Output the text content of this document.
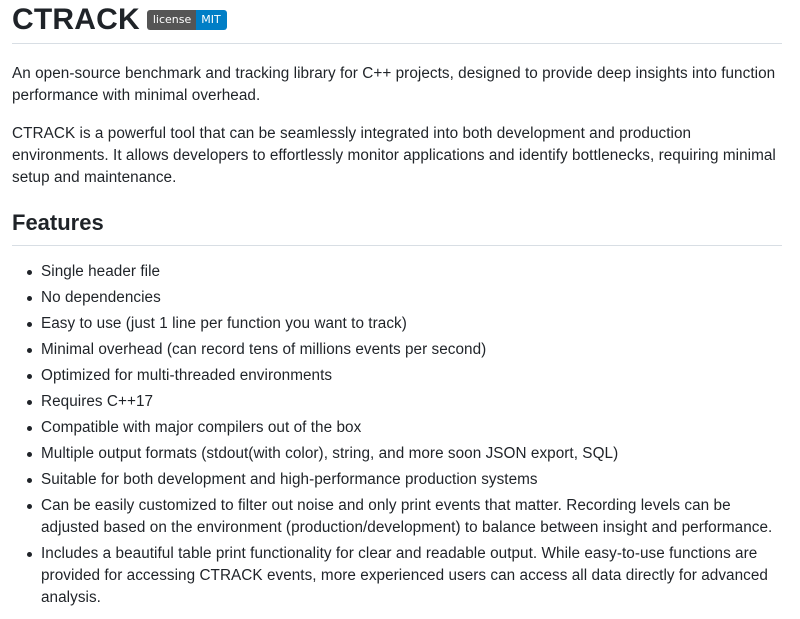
CTRACK	license MIT

An open-source benchmark and tracking library for C++ projects, designed to provide deep insights into function performance with minimal overhead.

CTRACK is a powerful tool that can be seamlessly integrated into both development and production environments. It allows developers to effortlessly monitor applications and identify bottlenecks, requiring minimal setup and maintenance.

Features
Single header file
No dependencies
Easy to use (just 1 line per function you want to track)
Minimal overhead (can record tens of millions events per second)
Optimized for multi-threaded environments
Requires C++17
Compatible with major compilers out of the box
Multiple output formats (stdout(with color), string, and more soon JSON export, SQL)
Suitable for both development and high-performance production systems
Can be easily customized to filter out noise and only print events that matter. Recording levels can be adjusted based on the environment (production/development) to balance between insight and performance.
Includes a beautiful table print functionality for clear and readable output. While easy-to-use functions are provided for accessing CTRACK events, more experienced users can access all data directly for advanced analysis.
